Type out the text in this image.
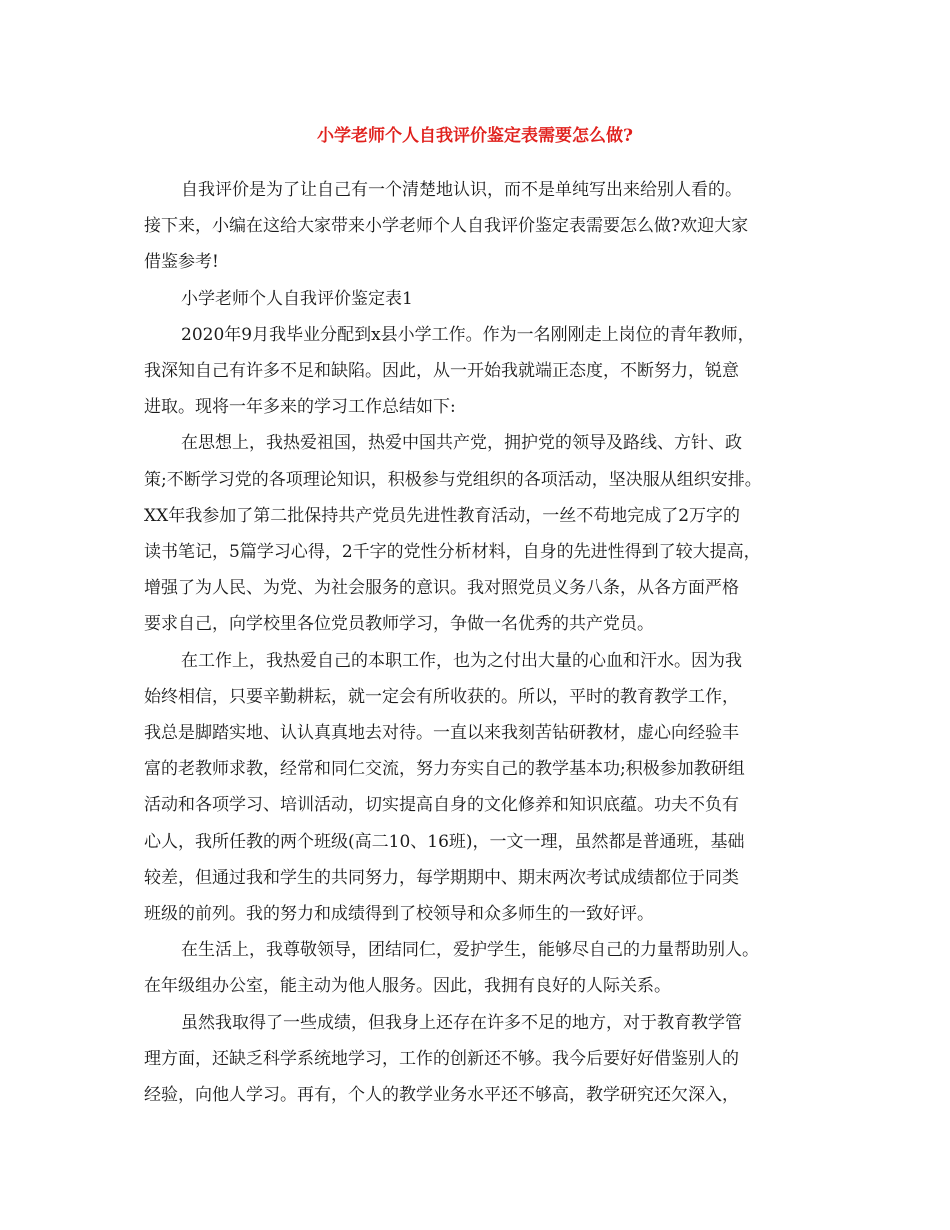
小学老师个人自我评价鉴定表需要怎么做?
自我评价是为了让自己有一个清楚地认识，而不是单纯写出来给别人看的。
接下来，小编在这给大家带来小学老师个人自我评价鉴定表需要怎么做?欢迎大家
借鉴参考!
小学老师个人自我评价鉴定表1
2020年9月我毕业分配到x县小学工作。作为一名刚刚走上岗位的青年教师，
我深知自己有许多不足和缺陷。因此，从一开始我就端正态度，不断努力，锐意
进取。现将一年多来的学习工作总结如下:
在思想上，我热爱祖国，热爱中国共产党，拥护党的领导及路线、方针、政
策;不断学习党的各项理论知识，积极参与党组织的各项活动，坚决服从组织安排。
XX年我参加了第二批保持共产党员先进性教育活动，一丝不苟地完成了2万字的
读书笔记，5篇学习心得，2千字的党性分析材料，自身的先进性得到了较大提高，
增强了为人民、为党、为社会服务的意识。我对照党员义务八条，从各方面严格
要求自己，向学校里各位党员教师学习，争做一名优秀的共产党员。
在工作上，我热爱自己的本职工作，也为之付出大量的心血和汗水。因为我
始终相信，只要辛勤耕耘，就一定会有所收获的。所以，平时的教育教学工作，
我总是脚踏实地、认认真真地去对待。一直以来我刻苦钻研教材，虚心向经验丰
富的老教师求教，经常和同仁交流，努力夯实自己的教学基本功;积极参加教研组
活动和各项学习、培训活动，切实提高自身的文化修养和知识底蕴。功夫不负有
心人，我所任教的两个班级(高二10、16班)，一文一理，虽然都是普通班，基础
较差，但通过我和学生的共同努力，每学期期中、期末两次考试成绩都位于同类
班级的前列。我的努力和成绩得到了校领导和众多师生的一致好评。
在生活上，我尊敬领导，团结同仁，爱护学生，能够尽自己的力量帮助别人。
在年级组办公室，能主动为他人服务。因此，我拥有良好的人际关系。
虽然我取得了一些成绩，但我身上还存在许多不足的地方，对于教育教学管
理方面，还缺乏科学系统地学习，工作的创新还不够。我今后要好好借鉴别人的
经验，向他人学习。再有，个人的教学业务水平还不够高，教学研究还欠深入，
